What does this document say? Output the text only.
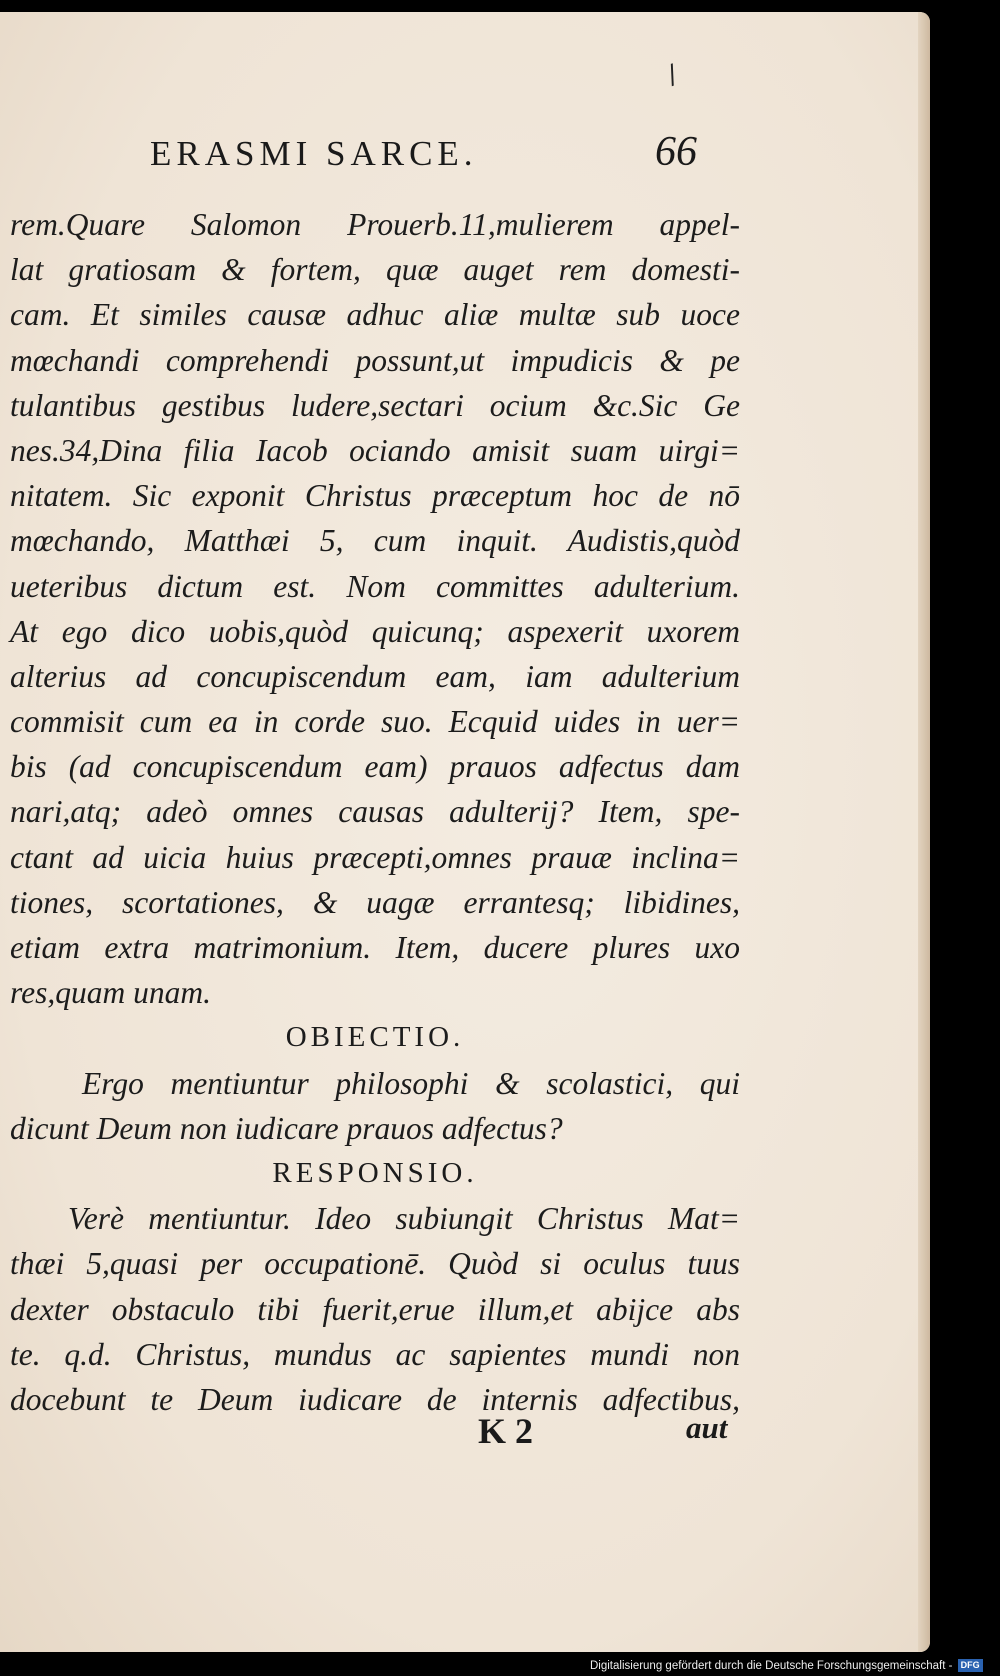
/
ERASMI SARCE.	66
rem.Quare Salomon Prouerb.11,mulierem appel-
lat gratiosam & fortem, quæ auget rem domesti-
cam. Et similes causæ adhuc aliæ multæ sub uoce
mœchandi comprehendi possunt,ut impudicis & pe
tulantibus gestibus ludere,sectari ocium &c.Sic Ge
nes.34,Dina filia Iacob ociando amisit suam uirgi=
nitatem. Sic exponit Christus præceptum hoc de nō
mœchando, Matthæi 5, cum inquit. Audistis,quòd
ueteribus dictum est. Nom committes adulterium.
At ego dico uobis,quòd quicunq; aspexerit uxorem
alterius ad concupiscendum eam, iam adulterium
commisit cum ea in corde suo. Ecquid uides in uer=
bis (ad concupiscendum eam) prauos adfectus dam
nari,atq; adeò omnes causas adulterij? Item, spe-
ctant ad uicia huius præcepti,omnes prauæ inclina=
tiones, scortationes, & uagæ errantesq; libidines,
etiam extra matrimonium. Item, ducere plures uxo
res,quam unam.
OBIECTIO.
Ergo mentiuntur philosophi & scolastici, qui
dicunt Deum non iudicare prauos adfectus?
RESPONSIO.
Verè mentiuntur. Ideo subiungit Christus Mat=
thæi 5,quasi per occupationē. Quòd si oculus tuus
dexter obstaculo tibi fuerit,erue illum,et abijce abs
te. q.d. Christus, mundus ac sapientes mundi non
docebunt te Deum iudicare de internis adfectibus,
K 2	aut
Digitalisierung gefördert durch die Deutsche Forschungsgemeinschaft - DFG
